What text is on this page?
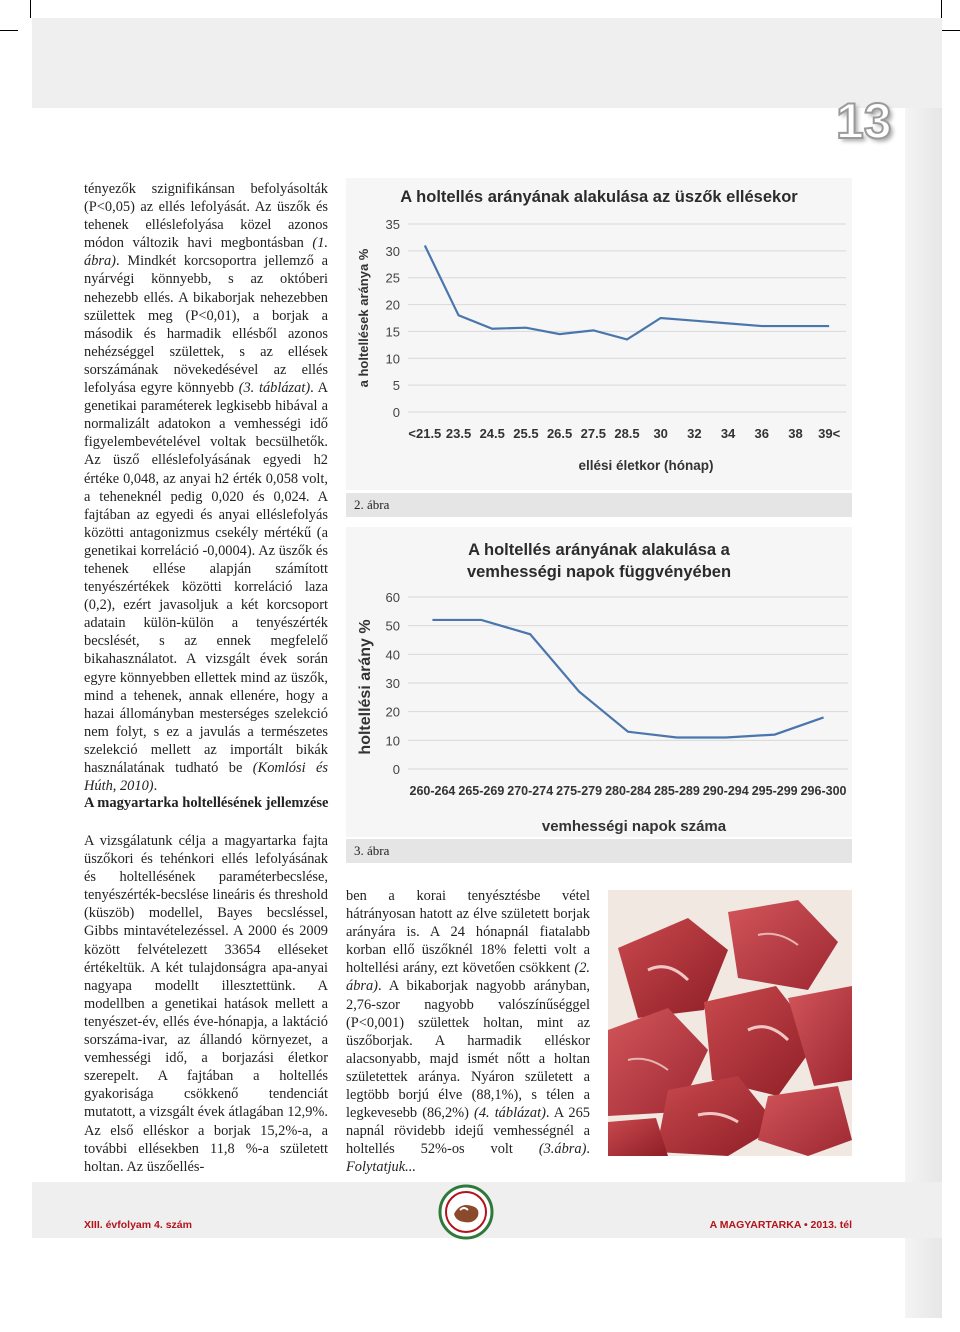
13

tényezők szignifikánsan befolyásolták (P<0,05) az ellés lefolyását. Az üszők és tehenek elléslefolyása közel azonos módon változik havi megbontásban (1. ábra). Mindkét korcsoportra jellemző a nyárvégi könnyebb, s az októberi nehezebb ellés. A bikaborjak nehezebben születtek meg (P<0,01), a borjak a második és harmadik ellésből azonos nehézséggel születtek, s az ellések sorszámának növekedésével az ellés lefolyása egyre könnyebb (3. táblázat). A genetikai paraméterek legkisebb hibával a normalizált adatokon a vemhességi idő figyelembevételével voltak becsülhetők. Az üsző elléslefolyásának egyedi h2 értéke 0,048, az anyai h2 érték 0,058 volt, a teheneknél pedig 0,020 és 0,024. A fajtában az egyedi és anyai elléslefolyás közötti antagonizmus csekély mértékű (a genetikai korreláció -0,0004). Az üszők és tehenek ellése alapján számított tenyészértékek közötti korreláció laza (0,2), ezért javasoljuk a két korcsoport adatain külön-külön a tenyészérték becslését, s az ennek megfelelő bikahasználatot. A vizsgált évek során egyre könnyebben ellettek mind az üszők, mind a tehenek, annak ellenére, hogy a hazai állományban mesterséges szelekció nem folyt, s ez a javulás a természetes szelekció mellett az importált bikák használatának tudható be (Komlósi és Húth, 2010).

A magyartarka holtellésének jellemzése
A vizsgálatunk célja a magyartarka fajta üszőkori és tehénkori ellés lefolyásának és holtellésének paraméterbecslése, tenyészérték-becslése lineáris és threshold (küszöb) modellel, Bayes becsléssel, Gibbs mintavételezéssel. A 2000 és 2009 között felvételezett 33654 elléseket értékeltük. A két tulajdonságra apa-anyai nagyapa modellt illesztettünk. A modellben a genetikai hatások mellett a tenyészet-év, ellés éve-hónapja, a laktáció sorszáma-ivar, az állandó környezet, a vemhességi idő, a borjazási életkor szerepelt. A fajtában a holtellés gyakorisága csökkenő tendenciát mutatott, a vizsgált évek átlagában 12,9%. Az első elléskor a borjak 15,2%-a, a további ellésekben 11,8 %-a született holtan. Az üszőellés-
A holtellés arányának alakulása az üszők ellésekor
0
5
10
15
20
25
30
35
<21.5 23.5 24.5 25.5 26.5 27.5 28.5 30 32 34 36 38 39<
ellési életkor (hónap)
a holtellések aránya %
2. ábra
A holtellés arányának alakulása a vemhességi napok függvényében
0
10
20
30
40
50
60
260-264 265-269 270-274 275-279 280-284 285-289 290-294 295-299 296-300
vemhességi napok száma
holtellési arány %
3. ábra

ben a korai tenyésztésbe vétel hátrányosan hatott az élve született borjak arányára is. A 24 hónapnál fiatalabb korban ellő üszőknél 18% feletti volt a holtellési arány, ezt követően csökkent (2. ábra). A bikaborjak nagyobb arányban, 2,76-szor nagyobb valószínűséggel (P<0,001) születtek holtan, mint az üszőborjak. A harmadik elléskor alacsonyabb, majd ismét nőtt a holtan születettek aránya. Nyáron született a legtöbb borjú élve (88,1%), s télen a legkevesebb (86,2%) (4. táblázat). A 265 napnál rövidebb idejű vemhességnél a holtellés 52%-os volt (3.ábra). Folytatjuk...

XIII. évfolyam 4. szám	A MAGYARTARKA • 2013. tél
